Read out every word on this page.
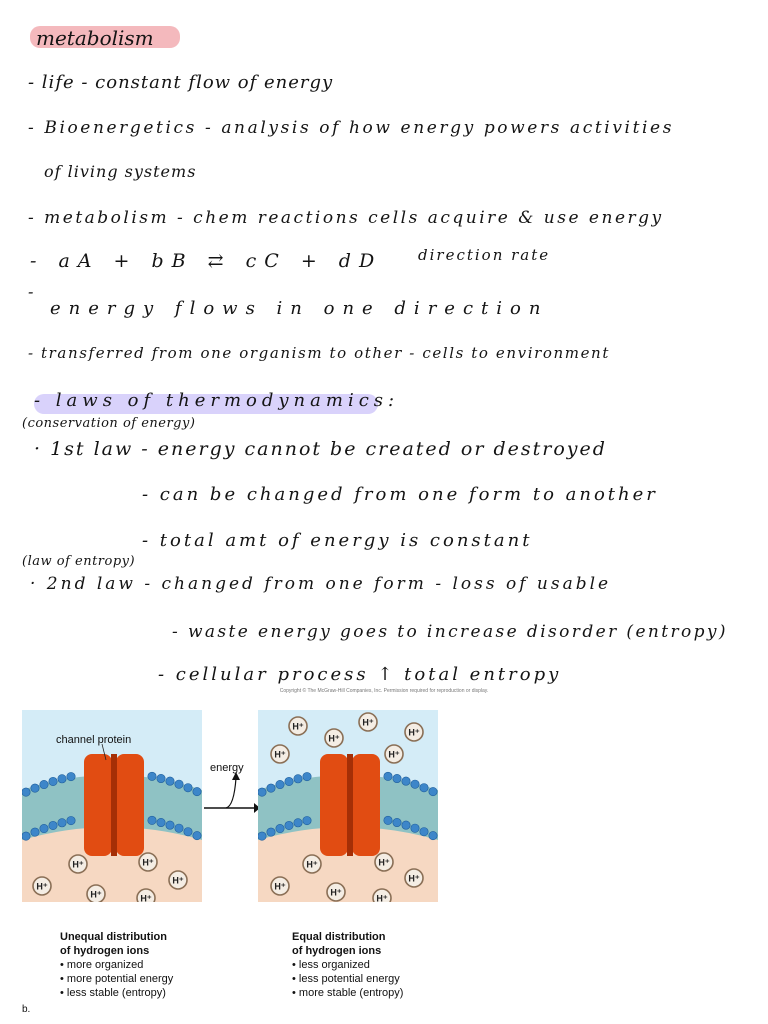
metabolism
- life - constant flow of energy
- Bioenergetics - analysis of how energy powers activities
of living systems
- metabolism - chem reactions cells acquire & use energy
- aA + bB ⇄ cC + dD direction rate
-
energy flows in one direction
- transferred from one organism to other - cells to environment
- laws of thermodynamics:
(conservation of energy)
· 1st law - energy cannot be created or destroyed
- can be changed from one form to another
- total amt of energy is constant
(law of entropy)
· 2nd law - changed from one form - loss of usable
- waste energy goes to increase disorder (entropy)
- cellular process ↑ total entropy
Copyright © The McGraw-Hill Companies, Inc. Permission required for reproduction or display.
H⁺	H⁺
H⁺
H⁺
H⁺	H⁺
channel protein
energy
H⁺	H⁺
H⁺
H⁺
H⁺	H⁺
H⁺	H⁺
H⁺
H⁺
H⁺
H⁺
Unequal distribution
of hydrogen ions
• more organized
• more potential energy
• less stable (entropy)
Equal distribution
of hydrogen ions
• less organized
• less potential energy
• more stable (entropy)
b.
